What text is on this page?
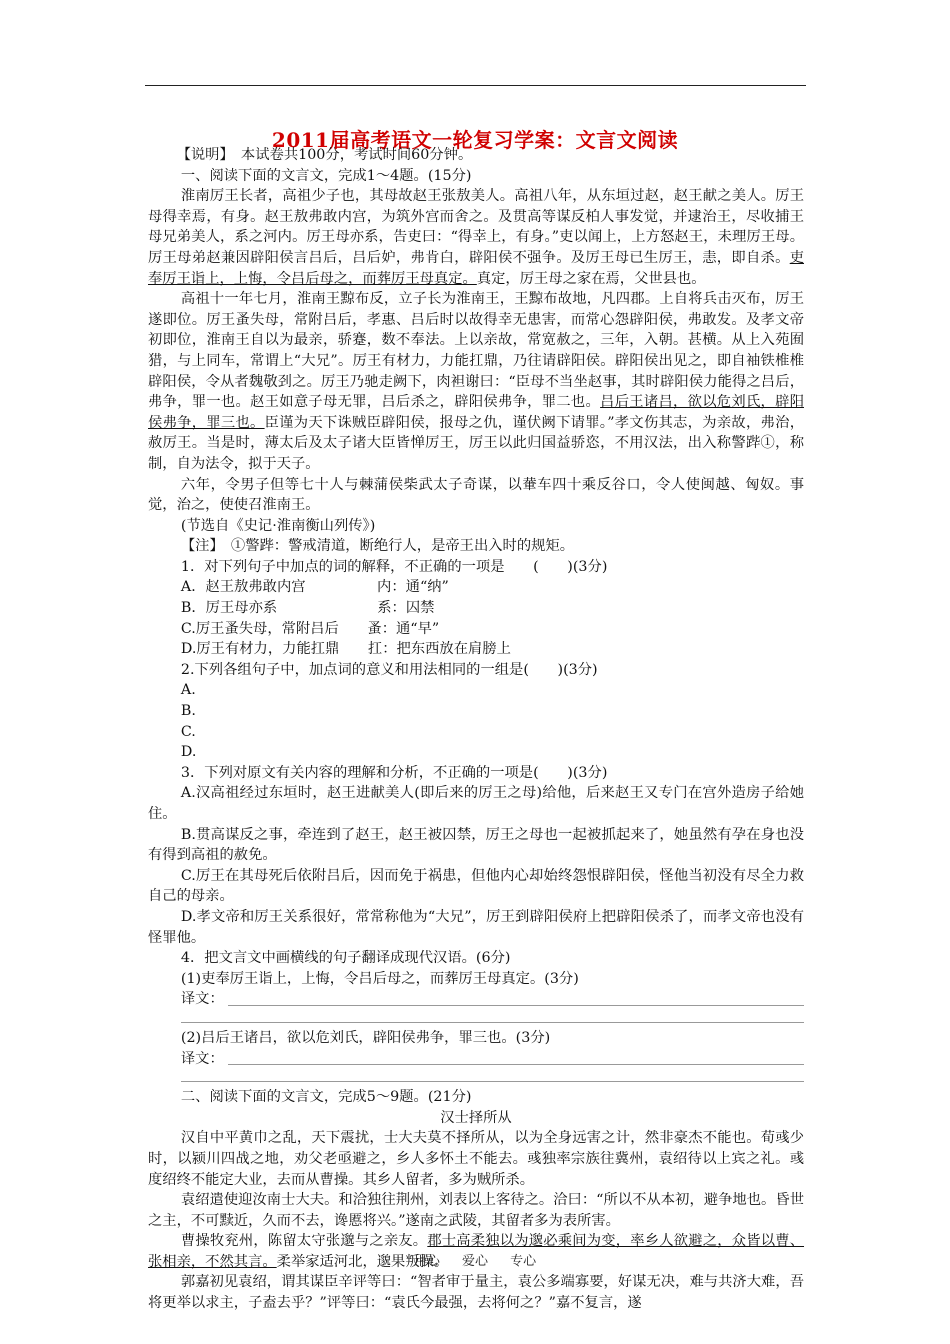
2011届高考语文一轮复习学案：文言文阅读

【说明】　本试卷共100分，考试时间60分钟。

一、阅读下面的文言文，完成1～4题。(15分)

淮南厉王长者，高祖少子也，其母故赵王张敖美人。高祖八年，从东垣过赵，赵王献之美人。厉王母得幸焉，有身。赵王敖弗敢内宫，为筑外宫而舍之。及贯高等谋反柏人事发觉，并逮治王，尽收捕王母兄弟美人，系之河内。厉王母亦系，告吏曰：“得幸上，有身。”吏以闻上，上方怒赵王，未理厉王母。厉王母弟赵兼因辟阳侯言吕后，吕后妒，弗肯白，辟阳侯不强争。及厉王母已生厉王，恚，即自杀。吏奉厉王诣上，上悔，令吕后母之，而葬厉王母真定。真定，厉王母之家在焉，父世县也。

高祖十一年七月，淮南王黥布反，立子长为淮南王，王黥布故地，凡四郡。上自将兵击灭布，厉王遂即位。厉王蚤失母，常附吕后，孝惠、吕后时以故得幸无患害，而常心怨辟阳侯，弗敢发。及孝文帝初即位，淮南王自以为最亲，骄蹇，数不奉法。上以亲故，常宽赦之，三年，入朝。甚横。从上入苑囿猎，与上同车，常谓上“大兄”。厉王有材力，力能扛鼎，乃往请辟阳侯。辟阳侯出见之，即自袖铁椎椎辟阳侯，令从者魏敬刭之。厉王乃驰走阙下，肉袒谢曰：“臣母不当坐赵事，其时辟阳侯力能得之吕后，弗争，罪一也。赵王如意子母无罪，吕后杀之，辟阳侯弗争，罪二也。吕后王诸吕，欲以危刘氏，辟阳侯弗争，罪三也。臣谨为天下诛贼臣辟阳侯，报母之仇，谨伏阙下请罪。”孝文伤其志，为亲故，弗治，赦厉王。当是时，薄太后及太子诸大臣皆惮厉王，厉王以此归国益骄恣，不用汉法，出入称警跸①，称制，自为法令，拟于天子。

六年，令男子但等七十人与棘蒲侯柴武太子奇谋，以輂车四十乘反谷口，令人使闽越、匈奴。事觉，治之，使使召淮南王。

(节选自《史记·淮南衡山列传》)

【注】　①警跸：警戒清道，断绝行人，是帝王出入时的规矩。

1．对下列句子中加点的词的解释，不正确的一项是　　(　　)(3分)

A．赵王敖弗敢内宫　　　　　内：通“纳”

B．厉王母亦系　　　　　　　系：囚禁

C.厉王蚤失母，常附吕后　　蚤：通“早”

D.厉王有材力，力能扛鼎　　扛：把东西放在肩膀上

2.下列各组句子中，加点词的意义和用法相同的一组是(　　)(3分)

A.

B.

C.

D.

3．下列对原文有关内容的理解和分析，不正确的一项是(　　)(3分)

A.汉高祖经过东垣时，赵王进献美人(即后来的厉王之母)给他，后来赵王又专门在宫外造房子给她住。

B.贯高谋反之事，牵连到了赵王，赵王被囚禁，厉王之母也一起被抓起来了，她虽然有孕在身也没有得到高祖的赦免。

C.厉王在其母死后依附吕后，因而免于祸患，但他内心却始终怨恨辟阳侯，怪他当初没有尽全力救自己的母亲。

D.孝文帝和厉王关系很好，常常称他为“大兄”，厉王到辟阳侯府上把辟阳侯杀了，而孝文帝也没有怪罪他。

4．把文言文中画横线的句子翻译成现代汉语。(6分)

(1)吏奉厉王诣上，上悔，令吕后母之，而葬厉王母真定。(3分)

译文：

(2)吕后王诸吕，欲以危刘氏，辟阳侯弗争，罪三也。(3分)

译文：

二、阅读下面的文言文，完成5～9题。(21分)

汉士择所从

汉自中平黄巾之乱，天下震扰，士大夫莫不择所从，以为全身远害之计，然非豪杰不能也。荀彧少时，以颍川四战之地，劝父老亟避之，乡人多怀土不能去。彧独率宗族往冀州，袁绍待以上宾之礼。彧度绍终不能定大业，去而从曹操。其乡人留者，多为贼所杀。

袁绍遣使迎汝南士大夫。和洽独往荆州，刘表以上客待之。洽曰：“所以不从本初，避争地也。昏世之主，不可黩近，久而不去，谗慝将兴。”遂南之武陵，其留者多为表所害。

曹操牧兖州，陈留太守张邈与之亲友。郡士高柔独以为邈必乘间为变，率乡人欲避之，众皆以曹、张相亲，不然其言。柔举家适河北，邈果叛操。

郭嘉初见袁绍，谓其谋臣辛评等曰：“智者审于量主，袁公多端寡要，好谋无决，难与共济大难，吾将更举以求主，子盍去乎？”评等曰：“袁氏今最强，去将何之？”嘉不复言，遂

用心 爱心 专心
